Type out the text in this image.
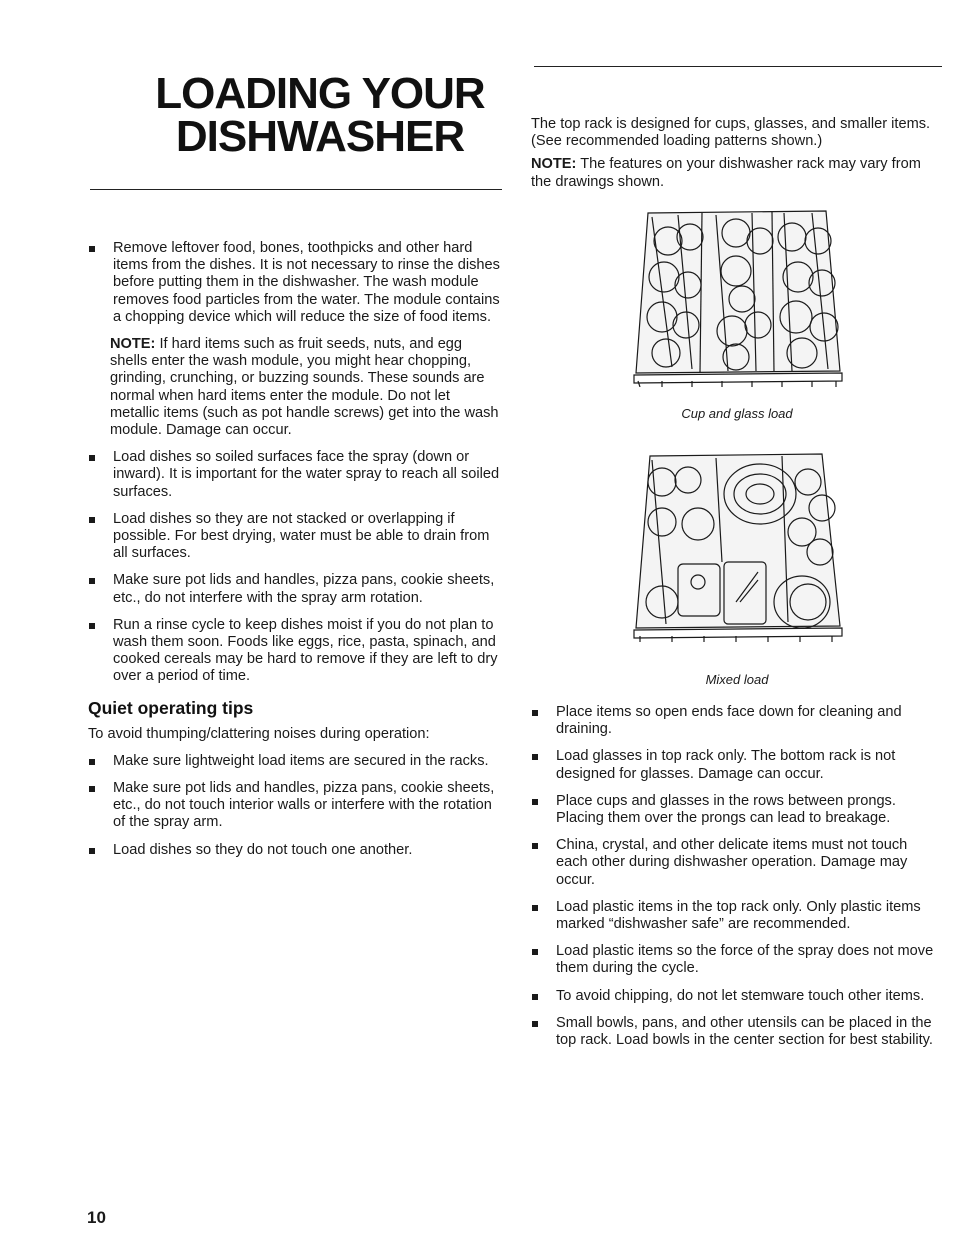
LOADING YOUR
DISHWASHER
Remove leftover food, bones, toothpicks and other hard items from the dishes. It is not necessary to rinse the dishes before putting them in the dishwasher. The wash module removes food particles from the water. The module contains a chopping device which will reduce the size of food items.

NOTE: If hard items such as fruit seeds, nuts, and egg shells enter the wash module, you might hear chopping, grinding, crunching, or buzzing sounds. These sounds are normal when hard items enter the module. Do not let metallic items (such as pot handle screws) get into the wash module. Damage can occur.

Load dishes so soiled surfaces face the spray (down or inward). It is important for the water spray to reach all soiled surfaces.
Load dishes so they are not stacked or overlapping if possible. For best drying, water must be able to drain from all surfaces.
Make sure pot lids and handles, pizza pans, cookie sheets, etc., do not interfere with the spray arm rotation.
Run a rinse cycle to keep dishes moist if you do not plan to wash them soon. Foods like eggs, rice, pasta, spinach, and cooked cereals may be hard to remove if they are left to dry over a period of time.

Quiet operating tips

To avoid thumping/clattering noises during operation:

Make sure lightweight load items are secured in the racks.
Make sure pot lids and handles, pizza pans, cookie sheets, etc., do not touch interior walls or interfere with the rotation of the spray arm.
Load dishes so they do not touch one another.

The top rack is designed for cups, glasses, and smaller items. (See recommended loading patterns shown.)

NOTE: The features on your dishwasher rack may vary from the drawings shown.

Cup and glass load
Mixed load
Place items so open ends face down for cleaning and draining.
Load glasses in top rack only. The bottom rack is not designed for glasses. Damage can occur.
Place cups and glasses in the rows between prongs. Placing them over the prongs can lead to breakage.
China, crystal, and other delicate items must not touch each other during dishwasher operation. Damage may occur.
Load plastic items in the top rack only. Only plastic items marked “dishwasher safe” are recommended.
Load plastic items so the force of the spray does not move them during the cycle.
To avoid chipping, do not let stemware touch other items.
Small bowls, pans, and other utensils can be placed in the top rack. Load bowls in the center section for best stability.
10
